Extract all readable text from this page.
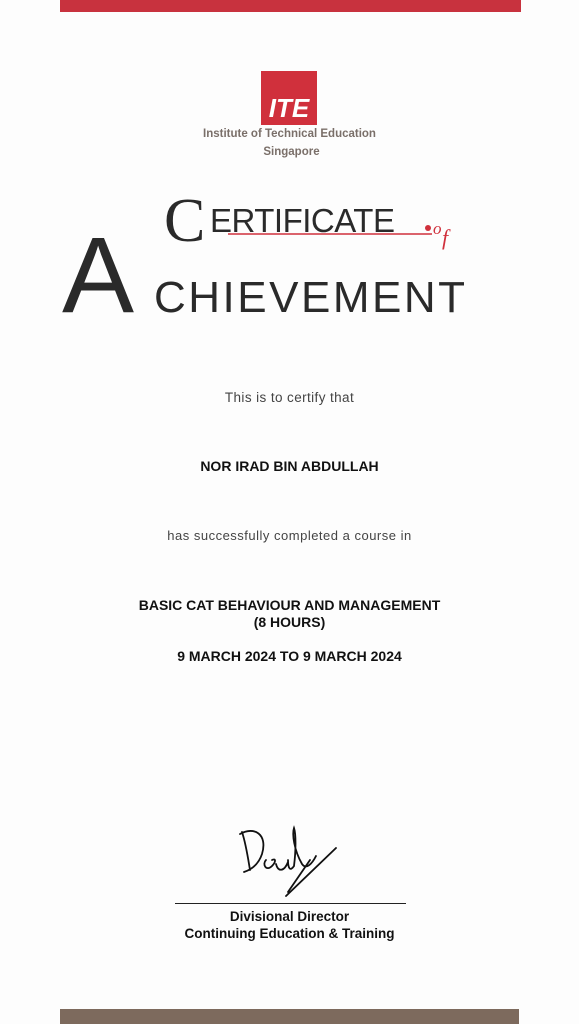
ITE
Institute of Technical Education
Singapore
C ERTIFICATE o f
A CHIEVEMENT
This is to certify that
NOR IRAD BIN ABDULLAH
has successfully completed a course in
BASIC CAT BEHAVIOUR AND MANAGEMENT
(8 HOURS)
9 MARCH 2024 TO 9 MARCH 2024
Divisional Director
Continuing Education & Training
